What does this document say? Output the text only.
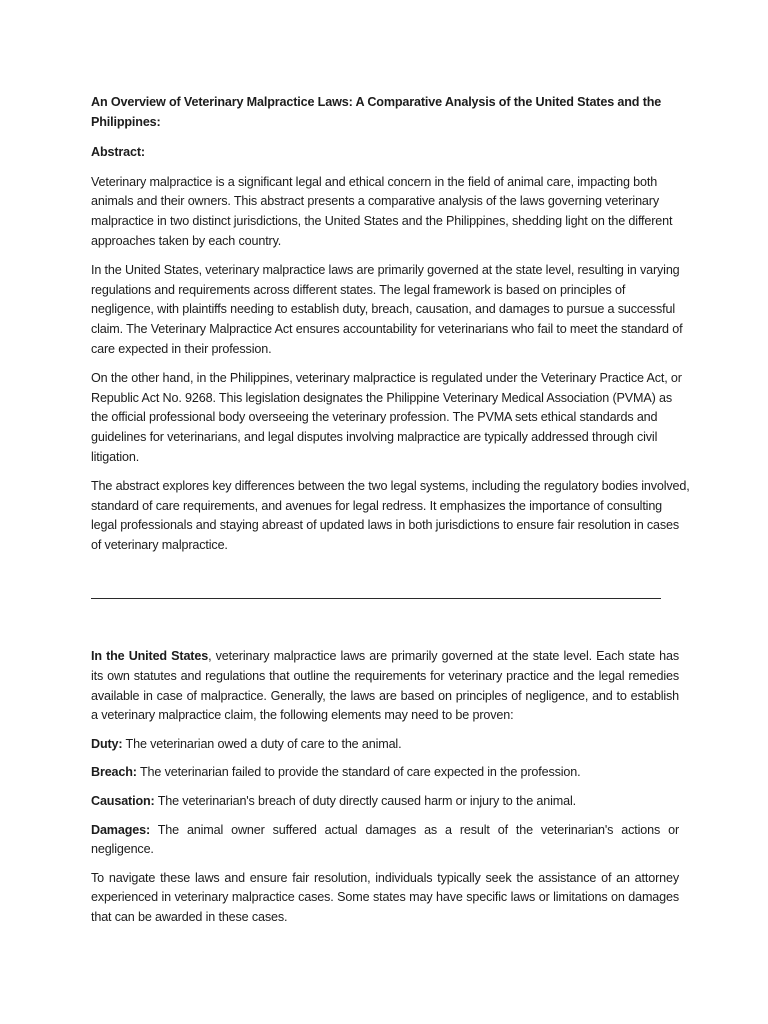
An Overview of Veterinary Malpractice Laws: A Comparative Analysis of the United States and the Philippines:
Abstract:

Veterinary malpractice is a significant legal and ethical concern in the field of animal care, impacting both animals and their owners. This abstract presents a comparative analysis of the laws governing veterinary malpractice in two distinct jurisdictions, the United States and the Philippines, shedding light on the different approaches taken by each country.

In the United States, veterinary malpractice laws are primarily governed at the state level, resulting in varying regulations and requirements across different states. The legal framework is based on principles of negligence, with plaintiffs needing to establish duty, breach, causation, and damages to pursue a successful claim. The Veterinary Malpractice Act ensures accountability for veterinarians who fail to meet the standard of care expected in their profession.

On the other hand, in the Philippines, veterinary malpractice is regulated under the Veterinary Practice Act, or Republic Act No. 9268. This legislation designates the Philippine Veterinary Medical Association (PVMA) as the official professional body overseeing the veterinary profession. The PVMA sets ethical standards and guidelines for veterinarians, and legal disputes involving malpractice are typically addressed through civil litigation.

The abstract explores key differences between the two legal systems, including the regulatory bodies involved, standard of care requirements, and avenues for legal redress. It emphasizes the importance of consulting legal professionals and staying abreast of updated laws in both jurisdictions to ensure fair resolution in cases of veterinary malpractice.

In the United States, veterinary malpractice laws are primarily governed at the state level. Each state has its own statutes and regulations that outline the requirements for veterinary practice and the legal remedies available in case of malpractice. Generally, the laws are based on principles of negligence, and to establish a veterinary malpractice claim, the following elements may need to be proven:

Duty: The veterinarian owed a duty of care to the animal.

Breach: The veterinarian failed to provide the standard of care expected in the profession.

Causation: The veterinarian's breach of duty directly caused harm or injury to the animal.

Damages: The animal owner suffered actual damages as a result of the veterinarian's actions or negligence.

To navigate these laws and ensure fair resolution, individuals typically seek the assistance of an attorney experienced in veterinary malpractice cases. Some states may have specific laws or limitations on damages that can be awarded in these cases.
